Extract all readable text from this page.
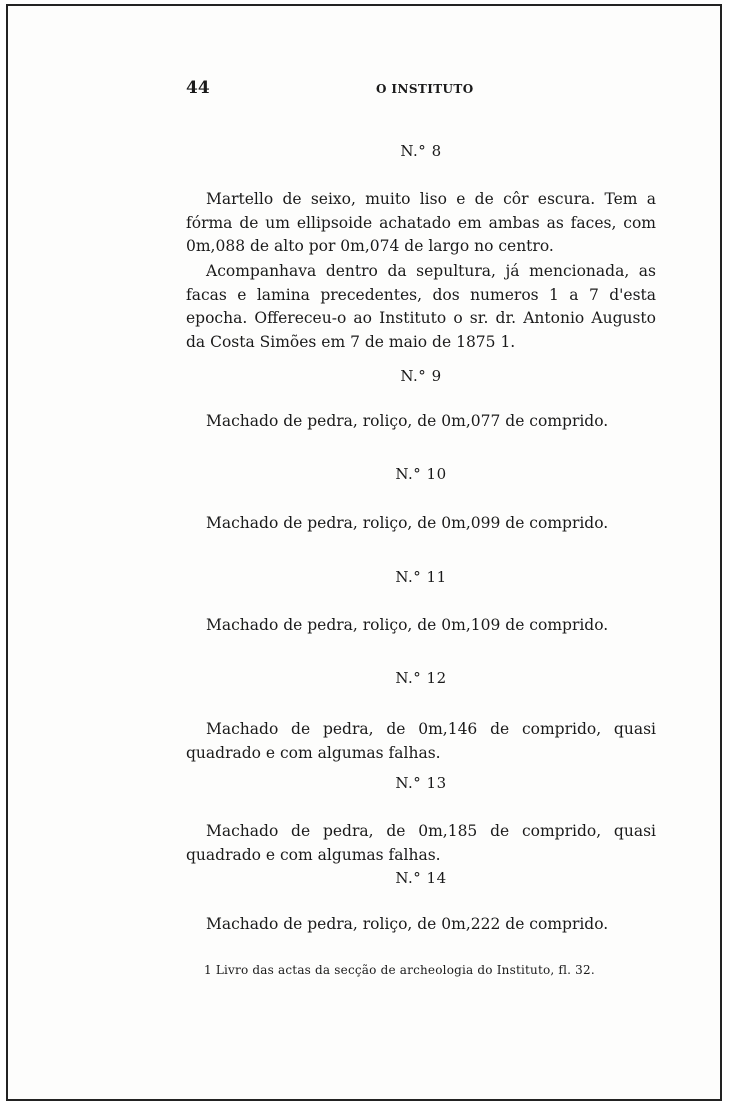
44	O INSTITUTO
N.° 8

Martello de seixo, muito liso e de côr escura. Tem a fórma de um ellipsoide achatado em ambas as faces, com 0m,088 de alto por 0m,074 de largo no centro.

Acompanhava dentro da sepultura, já mencionada, as facas e lamina precedentes, dos numeros 1 a 7 d'esta epocha. Offereceu-o ao Instituto o sr. dr. Antonio Augusto da Costa Simões em 7 de maio de 1875 1.

N.° 9

Machado de pedra, roliço, de 0m,077 de comprido.

N.° 10

Machado de pedra, roliço, de 0m,099 de comprido.

N.° 11

Machado de pedra, roliço, de 0m,109 de comprido.

N.° 12

Machado de pedra, de 0m,146 de comprido, quasi quadrado e com algumas falhas.

N.° 13

Machado de pedra, de 0m,185 de comprido, quasi quadrado e com algumas falhas.

N.° 14

Machado de pedra, roliço, de 0m,222 de comprido.

1 Livro das actas da secção de archeologia do Instituto, fl. 32.
